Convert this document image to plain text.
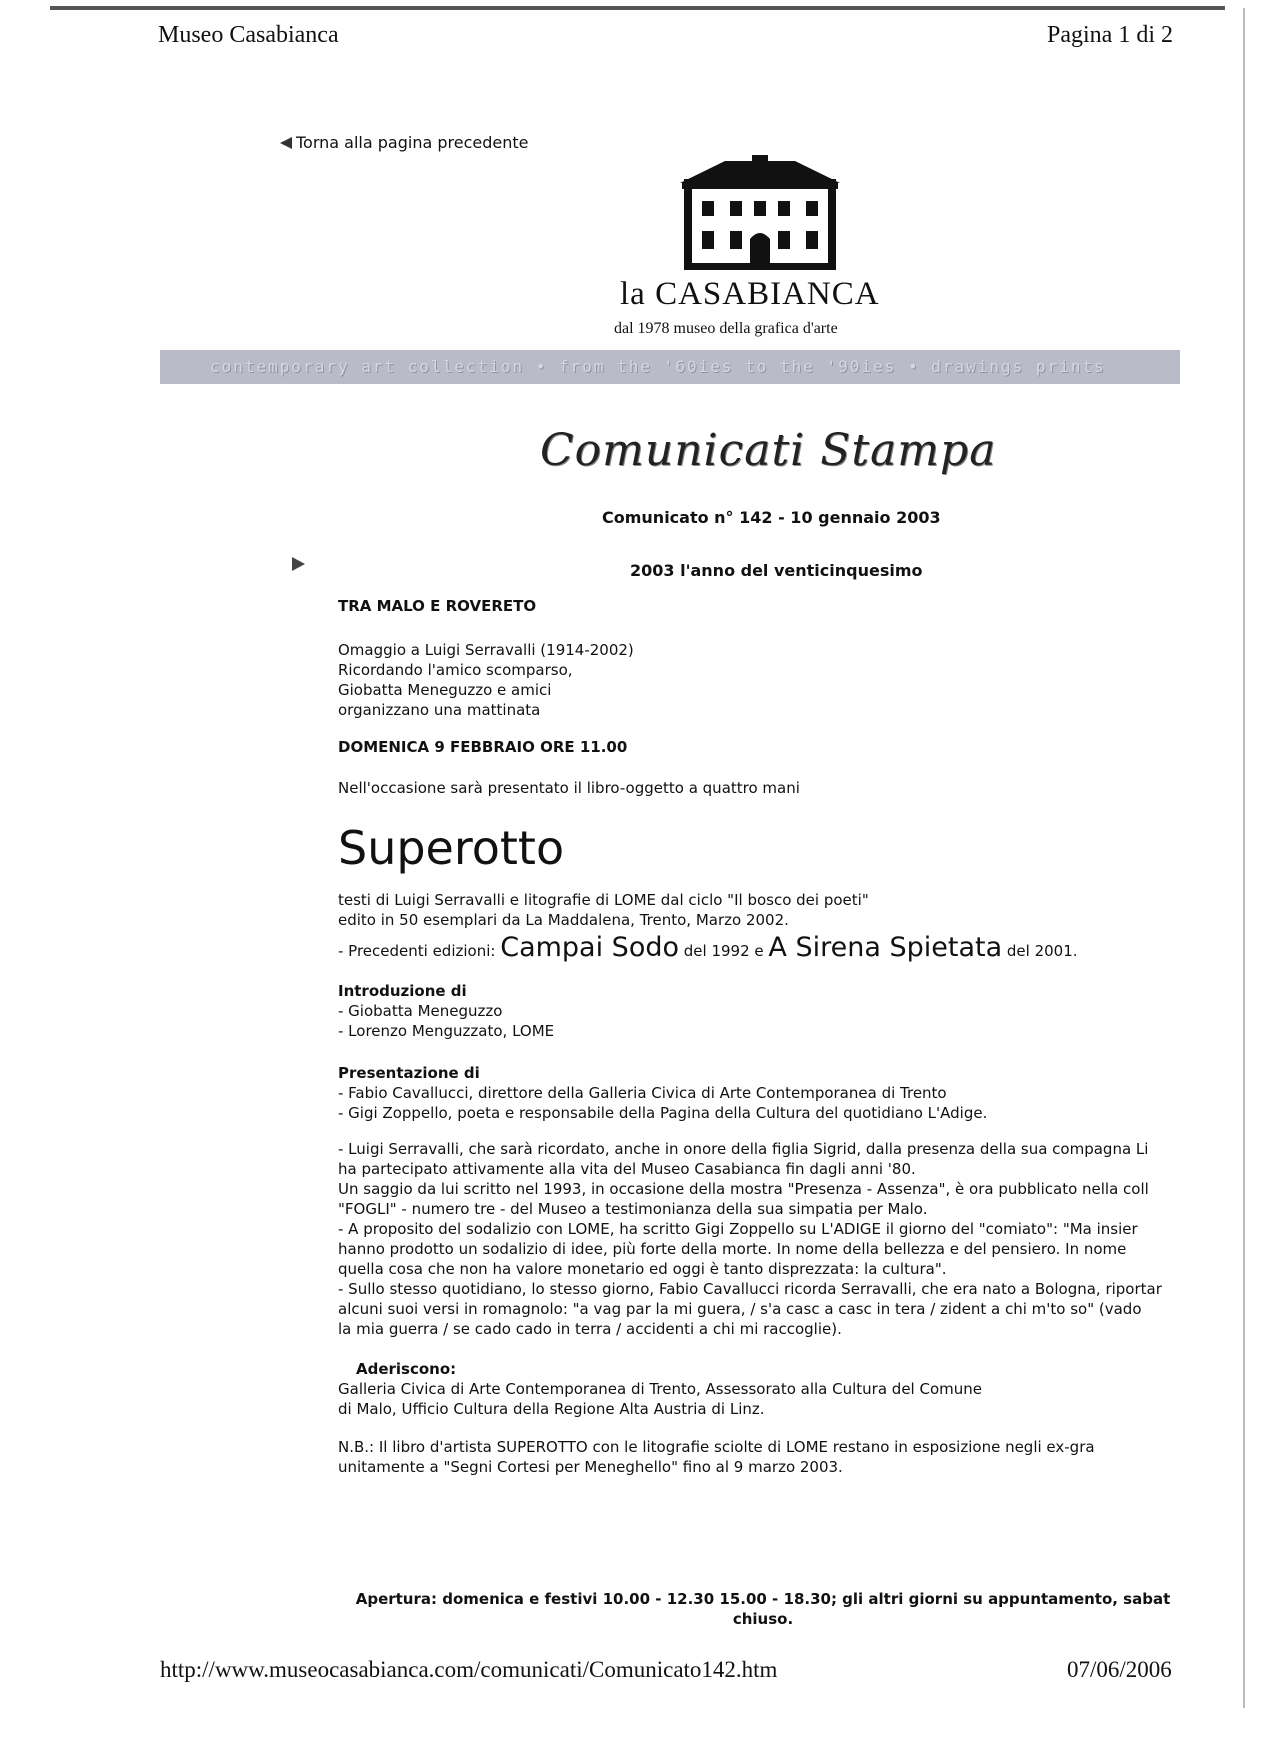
Museo Casabianca	Pagina 1 di 2
Torna alla pagina precedente
la CASABIANCA
dal 1978 museo della grafica d'arte
contemporary art collection • from the '60ies to the '90ies • drawings prints
Comunicati Stampa
Comunicato n° 142 - 10 gennaio 2003
2003 l'anno del venticinquesimo

TRA MALO E ROVERETO

Omaggio a Luigi Serravalli (1914-2002)

Ricordando l'amico scomparso,

Giobatta Meneguzzo e amici

organizzano una mattinata

DOMENICA 9 FEBBRAIO ORE 11.00

Nell'occasione sarà presentato il libro-oggetto a quattro mani

Superotto

testi di Luigi Serravalli e litografie di LOME dal ciclo "Il bosco dei poeti"

edito in 50 esemplari da La Maddalena, Trento, Marzo 2002.

- Precedenti edizioni: Campai Sodo del 1992 e A Sirena Spietata del 2001.

Introduzione di

- Giobatta Meneguzzo

- Lorenzo Menguzzato, LOME

Presentazione di

- Fabio Cavallucci, direttore della Galleria Civica di Arte Contemporanea di Trento

- Gigi Zoppello, poeta e responsabile della Pagina della Cultura del quotidiano L'Adige.

- Luigi Serravalli, che sarà ricordato, anche in onore della figlia Sigrid, dalla presenza della sua compagna Li

ha partecipato attivamente alla vita del Museo Casabianca fin dagli anni '80.

Un saggio da lui scritto nel 1993, in occasione della mostra "Presenza - Assenza", è ora pubblicato nella coll

"FOGLI" - numero tre - del Museo a testimonianza della sua simpatia per Malo.

- A proposito del sodalizio con LOME, ha scritto Gigi Zoppello su L'ADIGE il giorno del "comiato": "Ma insier

hanno prodotto un sodalizio di idee, più forte della morte. In nome della bellezza e del pensiero. In nome

quella cosa che non ha valore monetario ed oggi è tanto disprezzata: la cultura".

- Sullo stesso quotidiano, lo stesso giorno, Fabio Cavallucci ricorda Serravalli, che era nato a Bologna, riportar

alcuni suoi versi in romagnolo: "a vag par la mi guera, / s'a casc a casc in tera / zident a chi m'to so" (vado

la mia guerra / se cado cado in terra / accidenti a chi mi raccoglie).

Aderiscono:

Galleria Civica di Arte Contemporanea di Trento, Assessorato alla Cultura del Comune

di Malo, Ufficio Cultura della Regione Alta Austria di Linz.

N.B.: Il libro d'artista SUPEROTTO con le litografie sciolte di LOME restano in esposizione negli ex-gra

unitamente a "Segni Cortesi per Meneghello" fino al 9 marzo 2003.

Apertura: domenica e festivi 10.00 - 12.30 15.00 - 18.30; gli altri giorni su appuntamento, sabat

chiuso.

http://www.museocasabianca.com/comunicati/Comunicato142.htm	07/06/2006
